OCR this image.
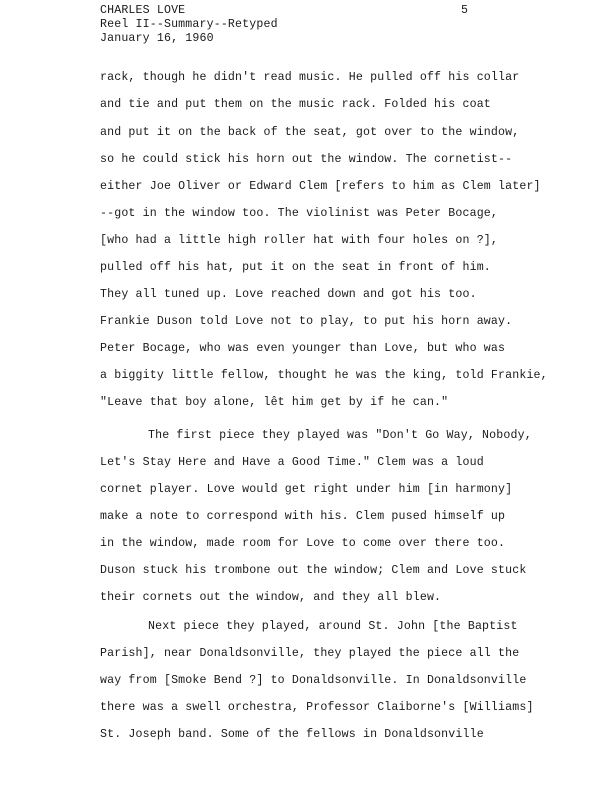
CHARLES LOVE
Reel II--Summary--Retyped
January 16, 1960
5
rack, though he didn't read music. He pulled off his collar
and tie and put them on the music rack. Folded his coat
and put it on the back of the seat, got over to the window,
so he could stick his horn out the window. The cornetist--
either Joe Oliver or Edward Clem [refers to him as Clem later]
--got in the window too. The violinist was Peter Bocage,
[who had a little high roller hat with four holes on ?],
pulled off his hat, put it on the seat in front of him.
They all tuned up. Love reached down and got his too.
Frankie Duson told Love not to play, to put his horn away.
Peter Bocage, who was even younger than Love, but who was
a biggity little fellow, thought he was the king, told Frankie,
"Leave that boy alone, lêt him get by if he can."
The first piece they played was "Don't Go Way, Nobody,
Let's Stay Here and Have a Good Time." Clem was a loud
cornet player. Love would get right under him [in harmony]
make a note to correspond with his. Clem pused himself up
in the window, made room for Love to come over there too.
Duson stuck his trombone out the window; Clem and Love stuck
their cornets out the window, and they all blew.
Next piece they played, around St. John [the Baptist
Parish], near Donaldsonville, they played the piece all the
way from [Smoke Bend ?] to Donaldsonville. In Donaldsonville
there was a swell orchestra, Professor Claiborne's [Williams]
St. Joseph band. Some of the fellows in Donaldsonville
